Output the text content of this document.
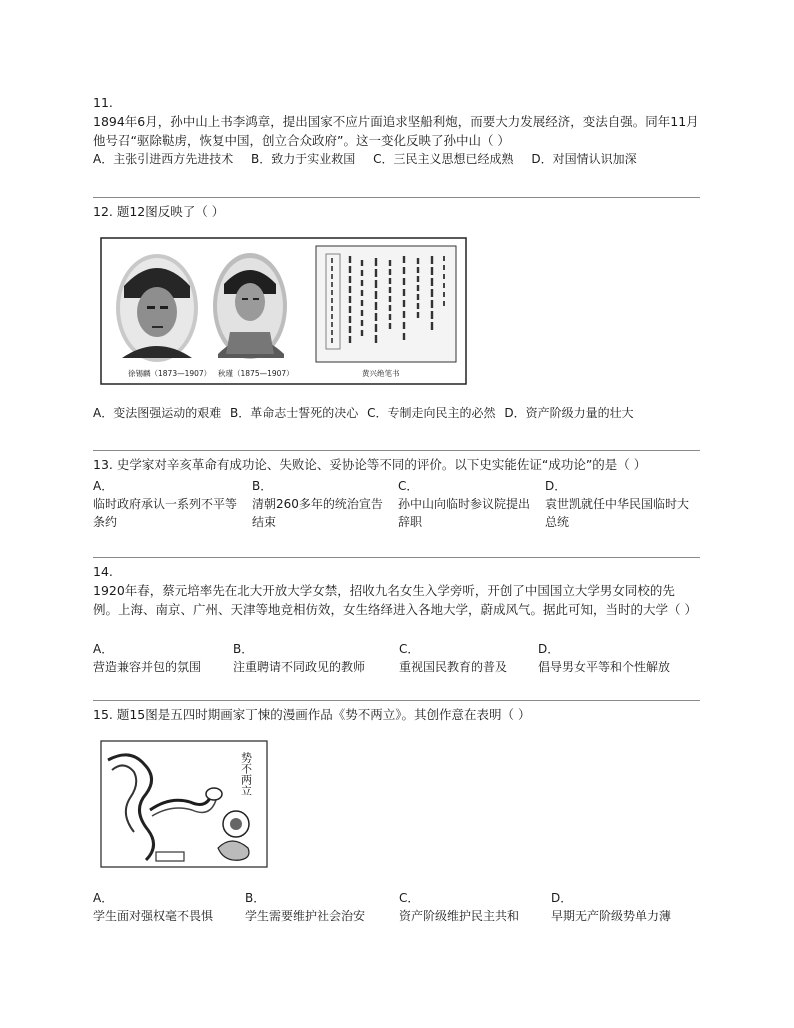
11.

1894年6月，孙中山上书李鸿章，提出国家不应片面追求坚船利炮，而要大力发展经济，变法自强。同年11月他号召“驱除鞑虏，恢复中国，创立合众政府”。这一变化反映了孙中山（ ）

A．主张引进西方先进技术 B．致力于实业救国 C．三民主义思想已经成熟 D．对国情认识加深

12. 题12图反映了（ ）

徐锡麟（1873—1907） 秋瑾（1875—1907）	黄兴绝笔书
A．变法图强运动的艰难 B．革命志士誓死的决心 C．专制走向民主的必然 D．资产阶级力量的壮大

13. 史学家对辛亥革命有成功论、失败论、妥协论等不同的评价。以下史实能佐证“成功论”的是（ ）

A．
临时政府承认一系列不平等条约
B．
清朝260多年的统治宣告结束
C．
孙中山向临时参议院提出辞职
D．
袁世凯就任中华民国临时大总统

14.

1920年春，蔡元培率先在北大开放大学女禁，招收九名女生入学旁听，开创了中国国立大学男女同校的先例。上海、南京、广州、天津等地竞相仿效，女生络绎进入各地大学，蔚成风气。据此可知，当时的大学（ ）

A．
营造兼容并包的氛围
B．
注重聘请不同政见的教师
C．
重视国民教育的普及
D．
倡导男女平等和个性解放

15. 题15图是五四时期画家丁悚的漫画作品《势不两立》。其创作意在表明（ ）

势不两立
A．
学生面对强权毫不畏惧
B．
学生需要维护社会治安
C．
资产阶级维护民主共和
D．
早期无产阶级势单力薄
